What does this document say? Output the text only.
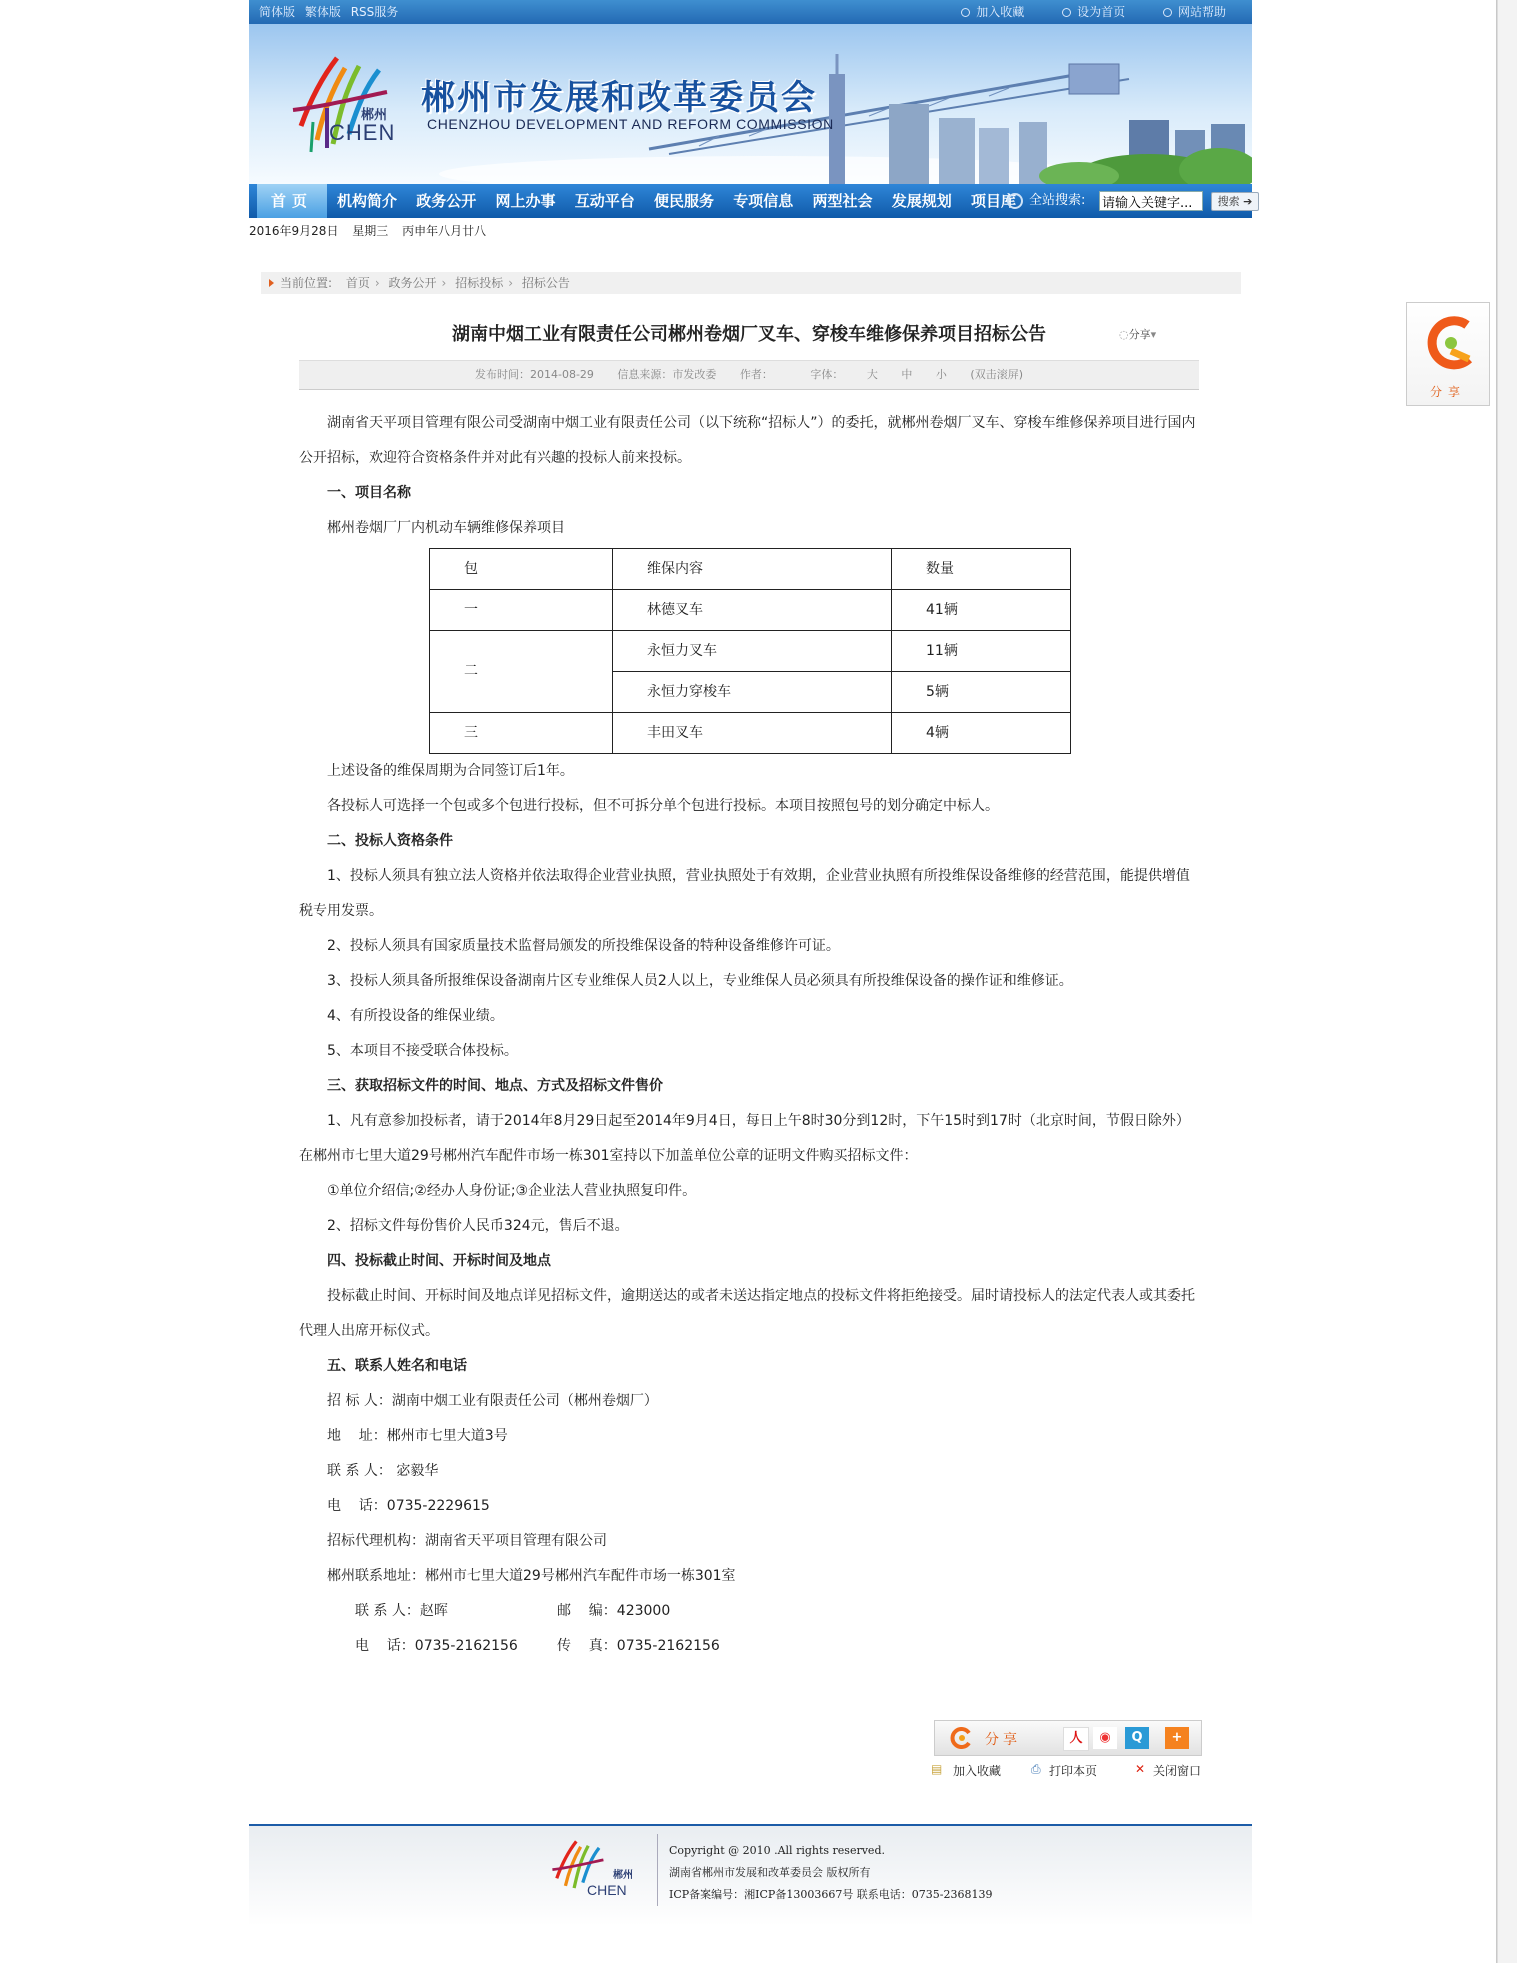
简体版 繁体版 RSS服务	加入收藏	设为首页	网站帮助
郴州
CHEN
郴州市发展和改革委员会
CHENZHOU DEVELOPMENT AND REFORM COMMISSION
首页	机构简介 政务公开 网上办事 互动平台 便民服务 专项信息 两型社会 发展规划 项目库 全站搜索:
请输入关键字...	搜索 ➔
2016年9月28日 星期三 丙申年八月廿八
当前位置: 首页 › 政务公开 › 招标投标 › 招标公告
湖南中烟工业有限责任公司郴州卷烟厂叉车、穿梭车维修保养项目招标公告	◌分享▾
发布时间：2014-08-29 信息来源：市发改委 作者：	字体： 大 中 小 (双击滚屏)

湖南省天平项目管理有限公司受湖南中烟工业有限责任公司（以下统称“招标人”）的委托，就郴州卷烟厂叉车、穿梭车维修保养项目进行国内公开招标，欢迎符合资格条件并对此有兴趣的投标人前来投标。

一、项目名称

郴州卷烟厂厂内机动车辆维修保养项目

包	维保内容	数量
一	林德叉车	41辆
二	永恒力叉车	11辆
	永恒力穿梭车	5辆
三	丰田叉车	4辆

上述设备的维保周期为合同签订后1年。

各投标人可选择一个包或多个包进行投标，但不可拆分单个包进行投标。本项目按照包号的划分确定中标人。

二、投标人资格条件

1、投标人须具有独立法人资格并依法取得企业营业执照，营业执照处于有效期，企业营业执照有所投维保设备维修的经营范围，能提供增值税专用发票。

2、投标人须具有国家质量技术监督局颁发的所投维保设备的特种设备维修许可证。

3、投标人须具备所报维保设备湖南片区专业维保人员2人以上，专业维保人员必须具有所投维保设备的操作证和维修证。

4、有所投设备的维保业绩。

5、本项目不接受联合体投标。

三、获取招标文件的时间、地点、方式及招标文件售价

1、凡有意参加投标者，请于2014年8月29日起至2014年9月4日，每日上午8时30分到12时，下午15时到17时（北京时间，节假日除外）在郴州市七里大道29号郴州汽车配件市场一栋301室持以下加盖单位公章的证明文件购买招标文件：

①单位介绍信;②经办人身份证;③企业法人营业执照复印件。

2、招标文件每份售价人民币324元，售后不退。

四、投标截止时间、开标时间及地点

投标截止时间、开标时间及地点详见招标文件，逾期送达的或者未送达指定地点的投标文件将拒绝接受。届时请投标人的法定代表人或其委托代理人出席开标仪式。

五、联系人姓名和电话

招 标 人：湖南中烟工业有限责任公司（郴州卷烟厂）

地    址：郴州市七里大道3号

联 系 人： 宓毅华

电    话：0735-2229615

招标代理机构：湖南省天平项目管理有限公司

郴州联系地址：郴州市七里大道29号郴州汽车配件市场一栋301室

联 系 人：赵晖	邮    编：423000

电    话：0735-2162156	传    真：0735-2162156

分享	人	◉	Q	+
▤ 加入收藏 ⎙ 打印本页	✕ 关闭窗口
郴州
CHEN
Copyright @ 2010 .All rights reserved.
湖南省郴州市发展和改革委员会 版权所有
ICP备案编号：湘ICP备13003667号 联系电话：0735-2368139
分享
